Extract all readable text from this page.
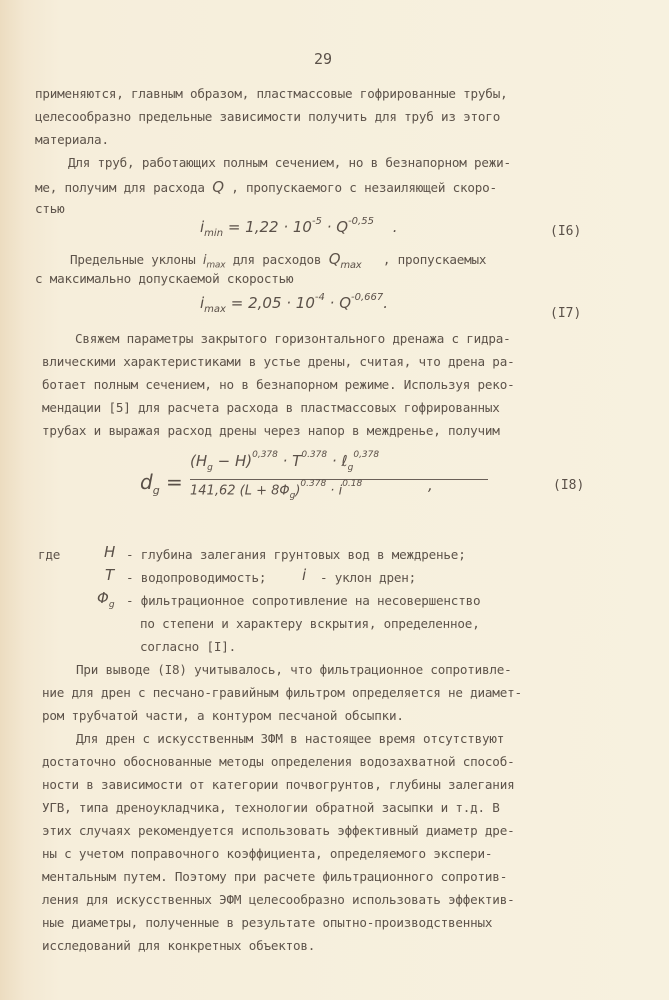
29
применяются, главным образом, пластмассовые гофрированные трубы,
целесообразно предельные зависимости получить для труб из этого
материала.
Для труб, работающих полным сечением, но в безнапорном режи-
ме, получим для расхода Q , пропускаемого с незаиляющей скоро-
стью
$i_{min} = 1,22 \cdot 10^{-5} \cdot Q^{-0,55}$ .	(I6)
Предельные уклоны $i_{max}$ для расходов $Q_{max}$ , пропускаемых
с максимально допускаемой скоростью
$i_{max} = 2,05 \cdot 10^{-4} \cdot Q^{-0,667}$.
(I7)
Свяжем параметры закрытого горизонтального дренажа с гидра-
влическими характеристиками в устье дрены, считая, что дрена ра-
ботает полным сечением, но в безнапорном режиме. Используя реко-
мендации [5] для расчета расхода в пластмассовых гофрированных
трубах и выражая расход дрены через напор в междренье, получим
$d_g$ =
$(H_g - H)^{0,378} \cdot T^{0.378}$ · ℓ$_g^{0,378}$
141,62 $(L + 8\Phi_g)^{0.378} \cdot i^{0.18}$	,	(I8)
где	H - глубина залегания грунтовых вод в междренье;
T - водопроводимость; i - уклон дрен;
$\Phi_g$ - фильтрационное сопротивление на несовершенство
по степени и характеру вскрытия, определенное,
согласно [I].
При выводе (I8) учитывалось, что фильтрационное сопротивле-
ние для дрен с песчано-гравийным фильтром определяется не диамет-
ром трубчатой части, а контуром песчаной обсыпки.
Для дрен с искусственным ЗФМ в настоящее время отсутствуют
достаточно обоснованные методы определения водозахватной способ-
ности в зависимости от категории почвогрунтов, глубины залегания
УГВ, типа дреноукладчика, технологии обратной засыпки и т.д. В
этих случаях рекомендуется использовать эффективный диаметр дре-
ны с учетом поправочного коэффициента, определяемого экспери-
ментальным путем. Поэтому при расчете фильтрационного сопротив-
ления для искусственных ЭФМ целесообразно использовать эффектив-
ные диаметры, полученные в результате опытно-производственных
исследований для конкретных объектов.
